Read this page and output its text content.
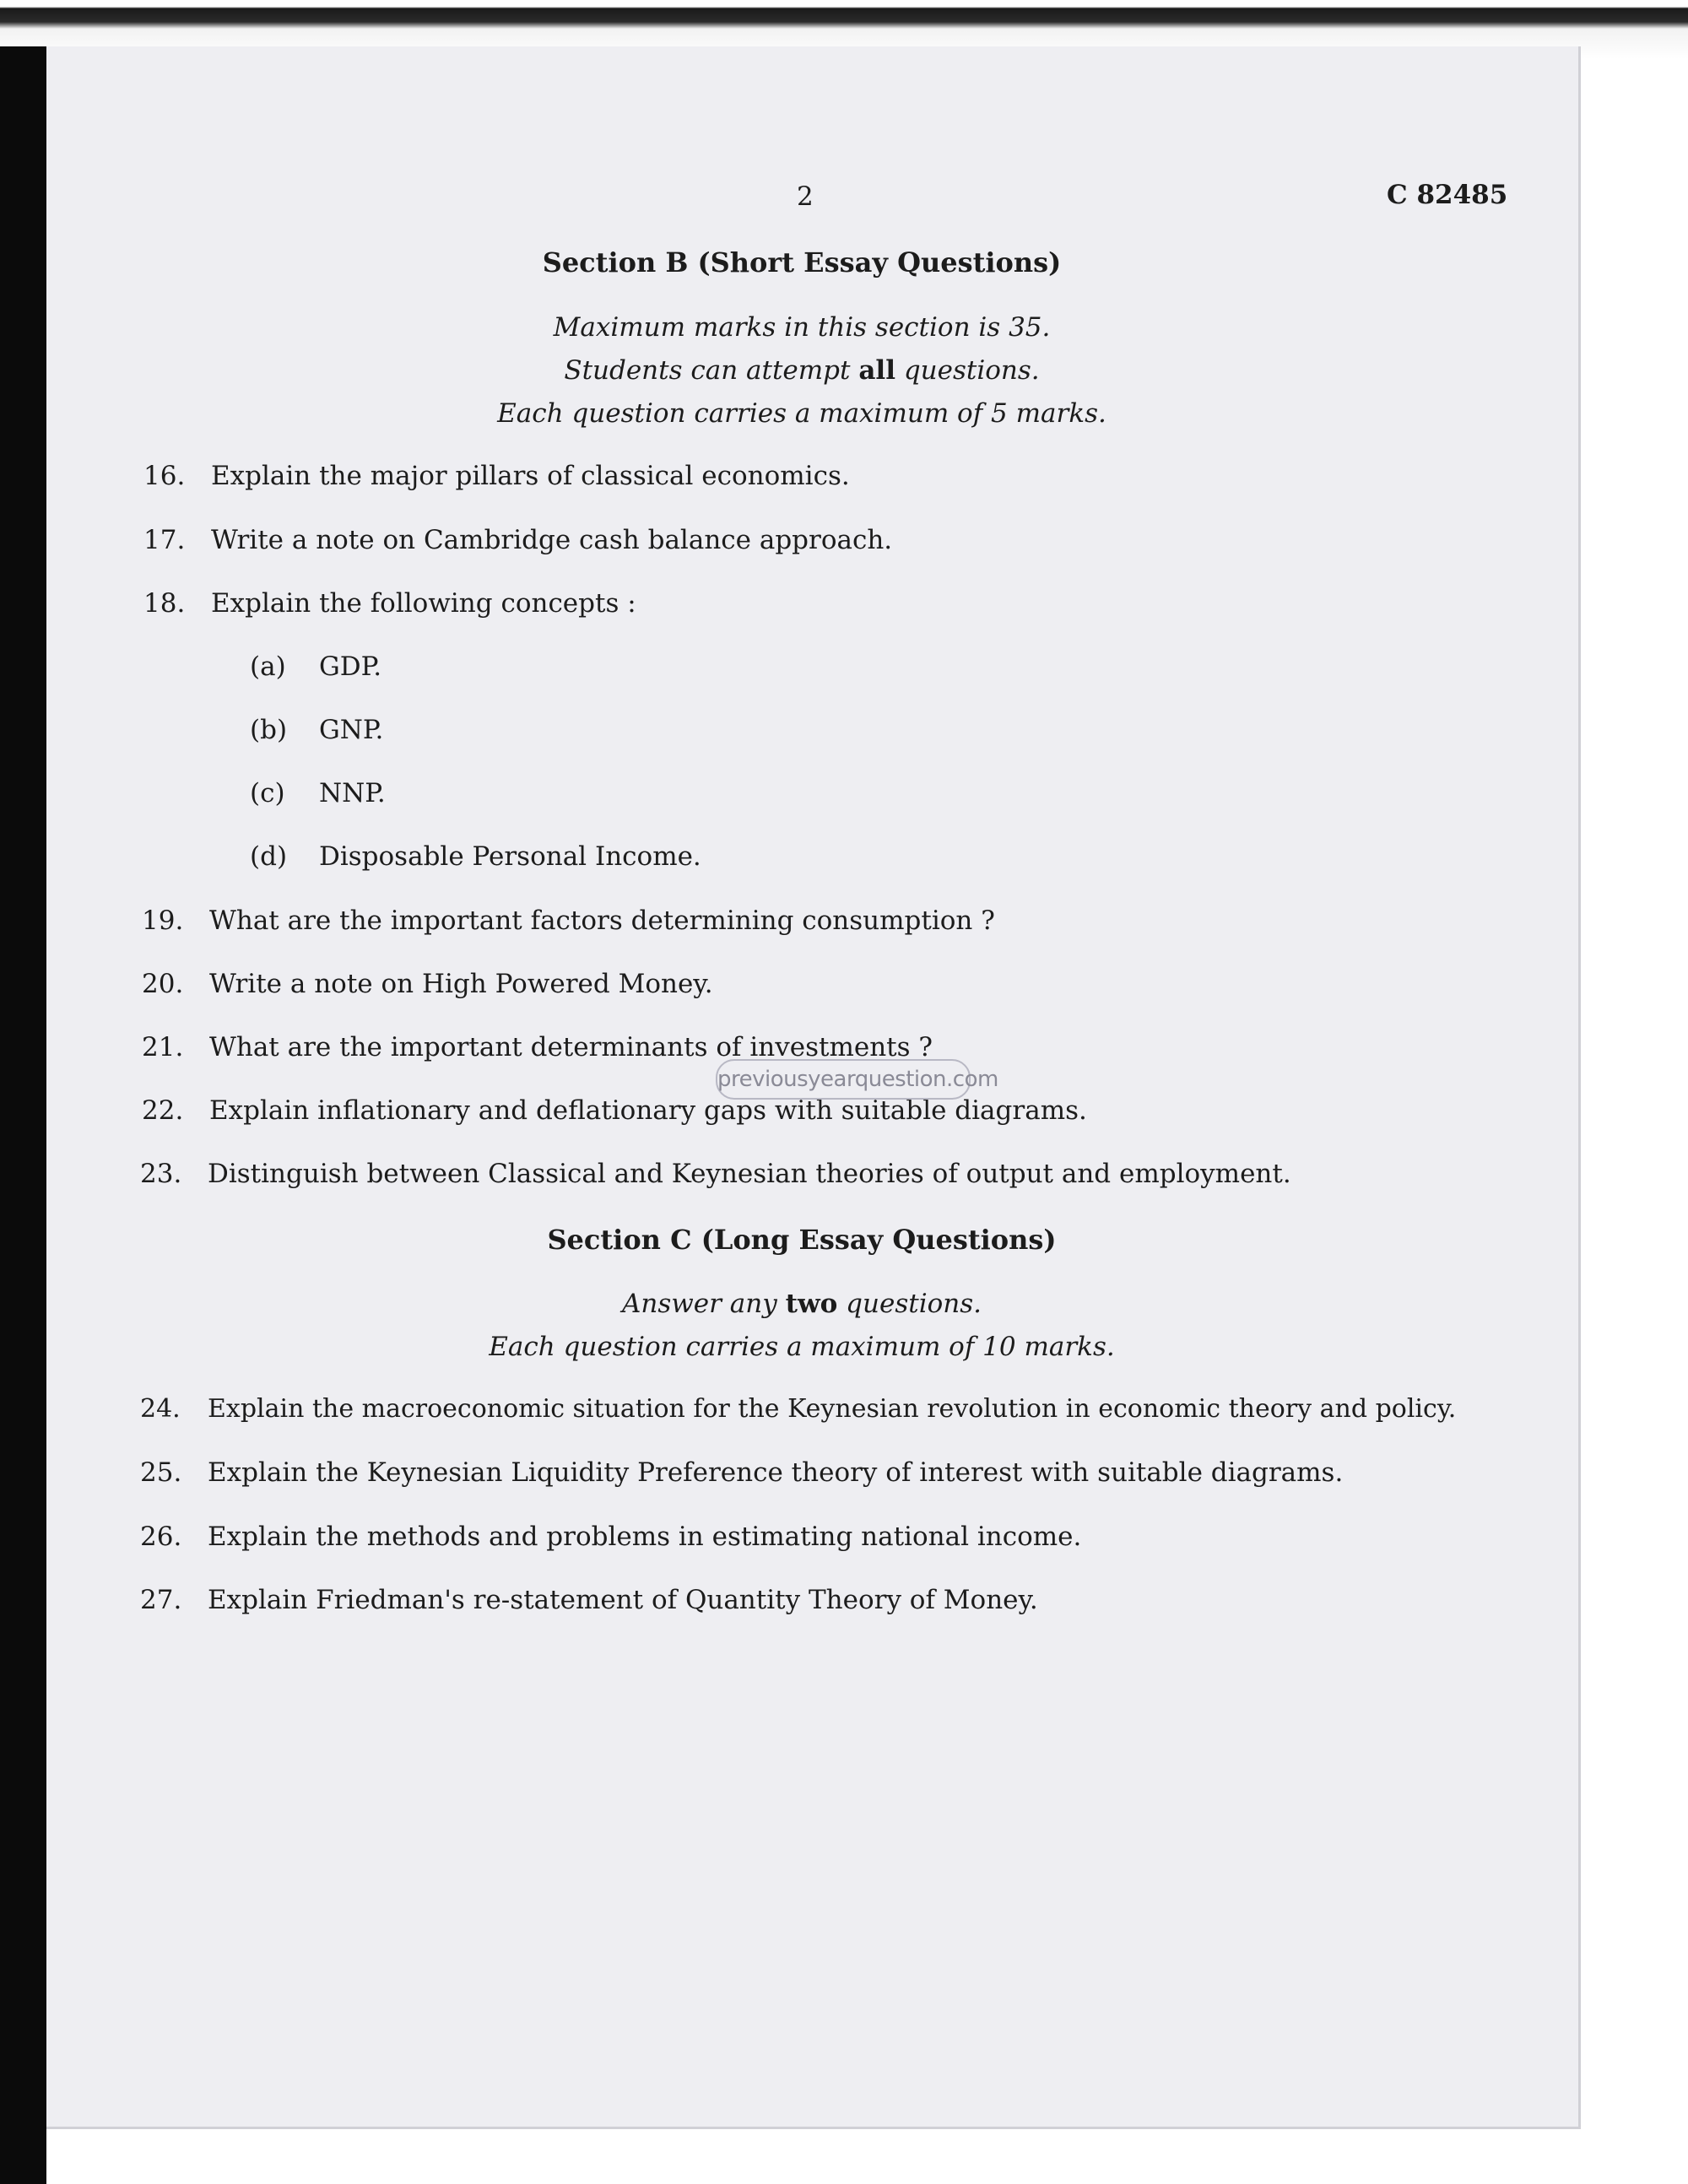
2	C 82485
Section B (Short Essay Questions)
Maximum marks in this section is 35.
Students can attempt all questions.
Each question carries a maximum of 5 marks.
16. Explain the major pillars of classical economics.
17. Write a note on Cambridge cash balance approach.
18. Explain the following concepts :
(a) GDP.
(b) GNP.
(c) NNP.
(d) Disposable Personal Income.
19. What are the important factors determining consumption ?
20. Write a note on High Powered Money.
21. What are the important determinants of investments ?
22. Explain inflationary and deflationary gaps with suitable diagrams.
23. Distinguish between Classical and Keynesian theories of output and employment.
previousyearquestion.com
Section C (Long Essay Questions)
Answer any two questions.
Each question carries a maximum of 10 marks.
24. Explain the macroeconomic situation for the Keynesian revolution in economic theory and policy.
25. Explain the Keynesian Liquidity Preference theory of interest with suitable diagrams.
26. Explain the methods and problems in estimating national income.
27. Explain Friedman's re-statement of Quantity Theory of Money.
